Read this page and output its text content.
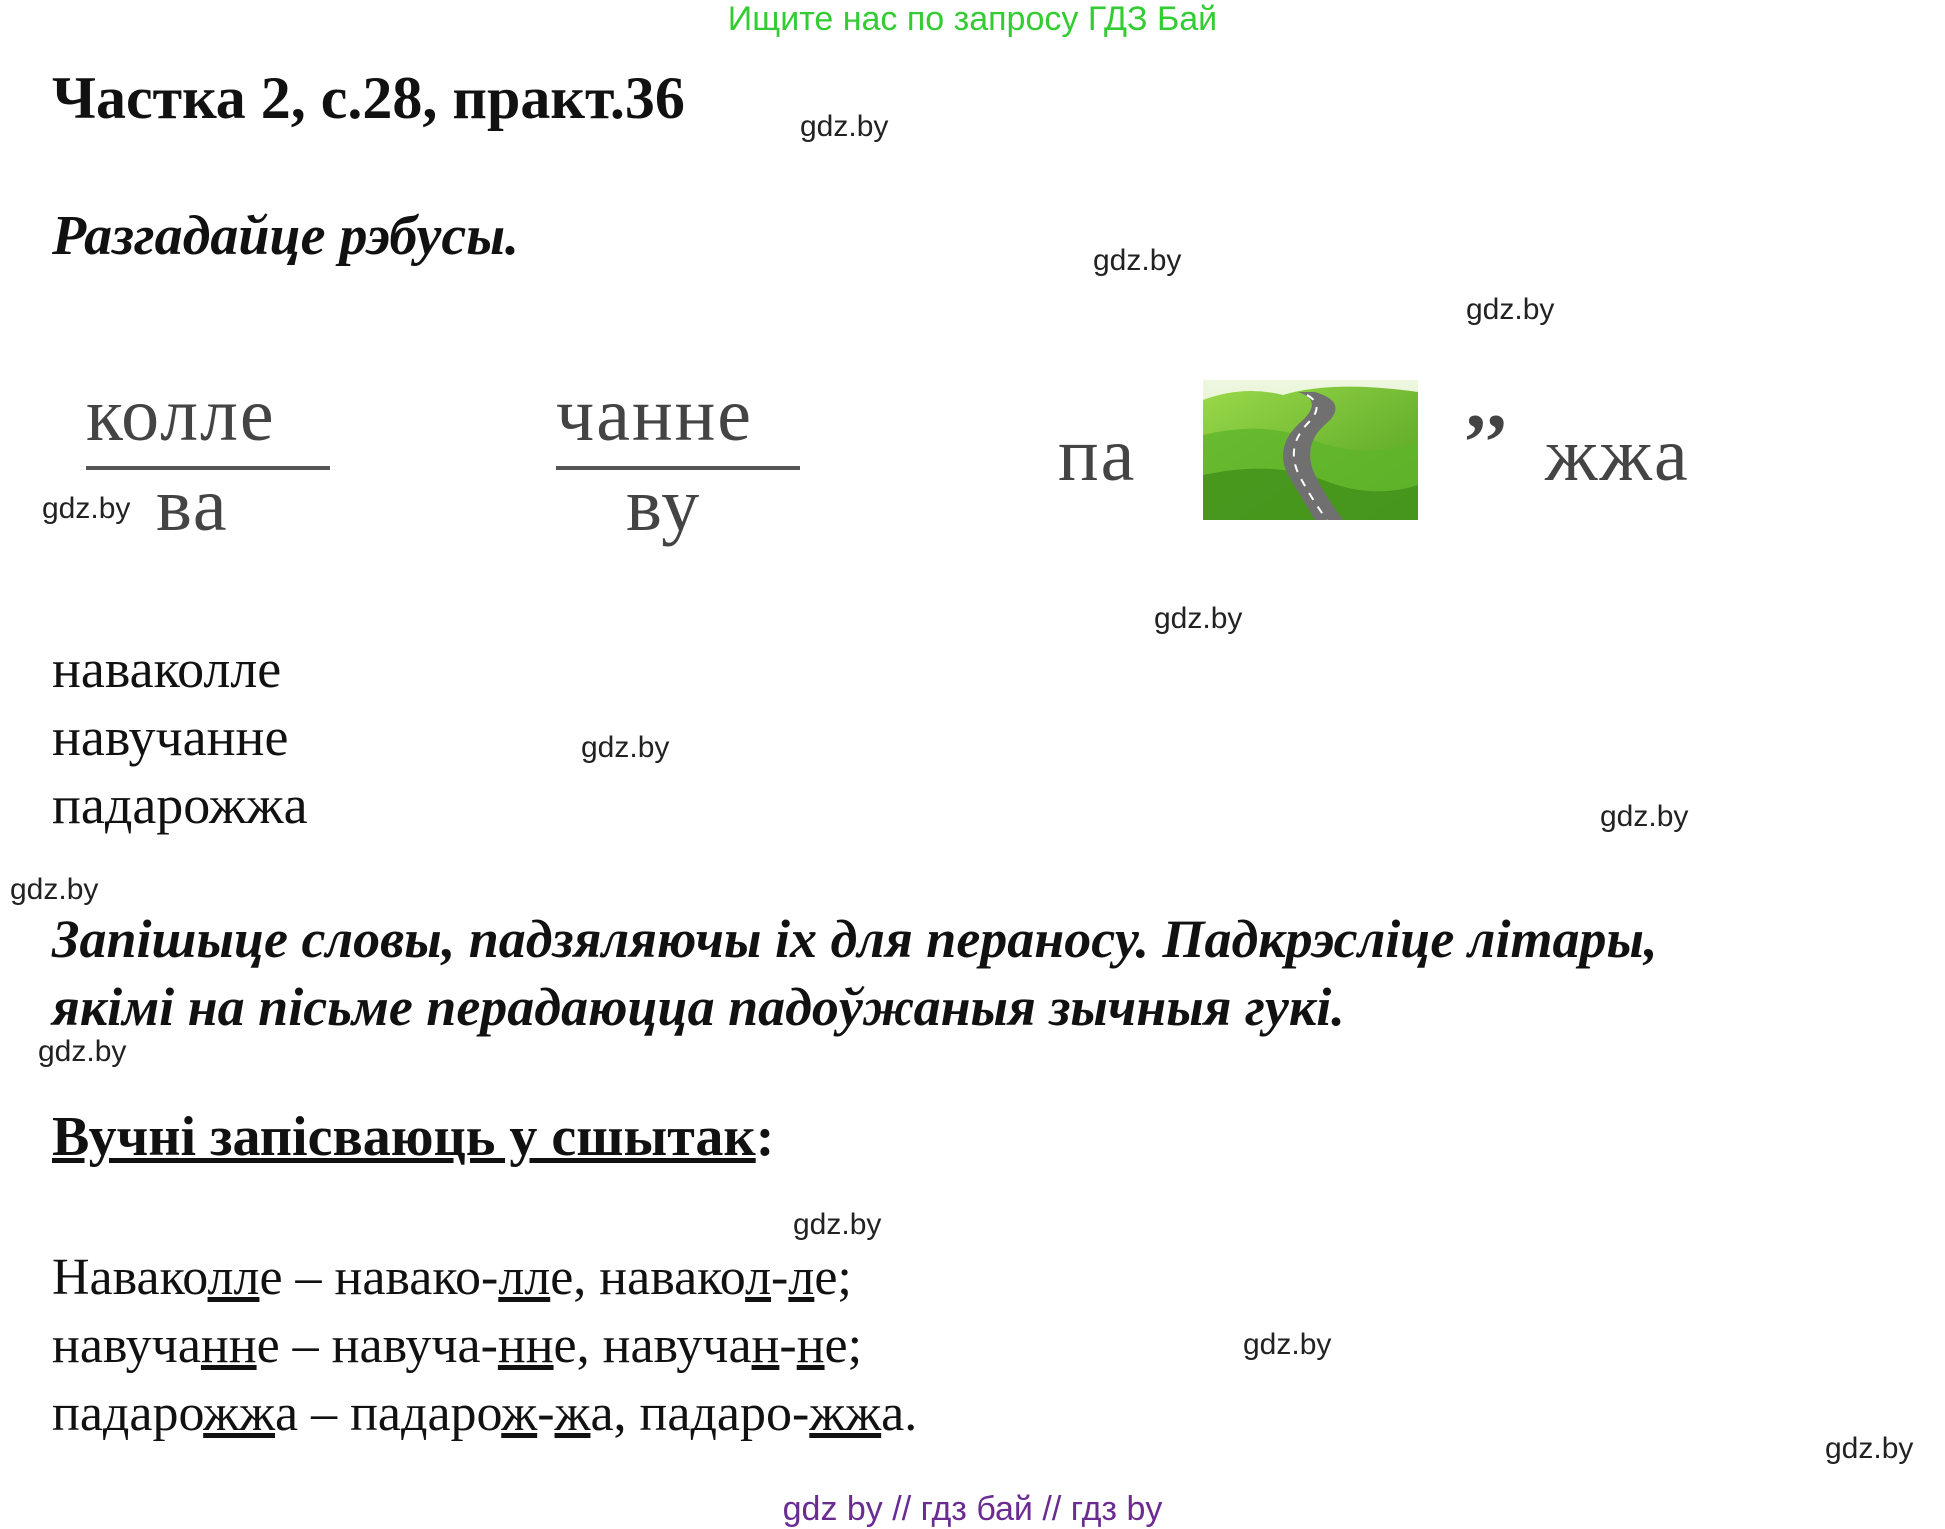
Ищите нас по запросу ГДЗ Бай
Частка 2, с.28, практ.36
Разгадайце рэбусы.
gdz.by
gdz.by
gdz.by
gdz.by
gdz.by
gdz.by
gdz.by
gdz.by
gdz.by
gdz.by
gdz.by
gdz.by
колле
ва
чанне
ву
па	’’ жжа
наваколле
навучанне
падарожжа
Запішыце словы, падзяляючы іх для пераносу. Падкрэсліце літары,
якімі на пісьме перадаюцца падоўжаныя зычныя гукі.
Вучні запісваюць у сшытак:
Наваколле – навако-лле, навакол-ле;
навучанне – навуча-нне, навучан-не;
падарожжа – падарож-жа, падаро-жжа.
gdz by // гдз бай // гдз by
